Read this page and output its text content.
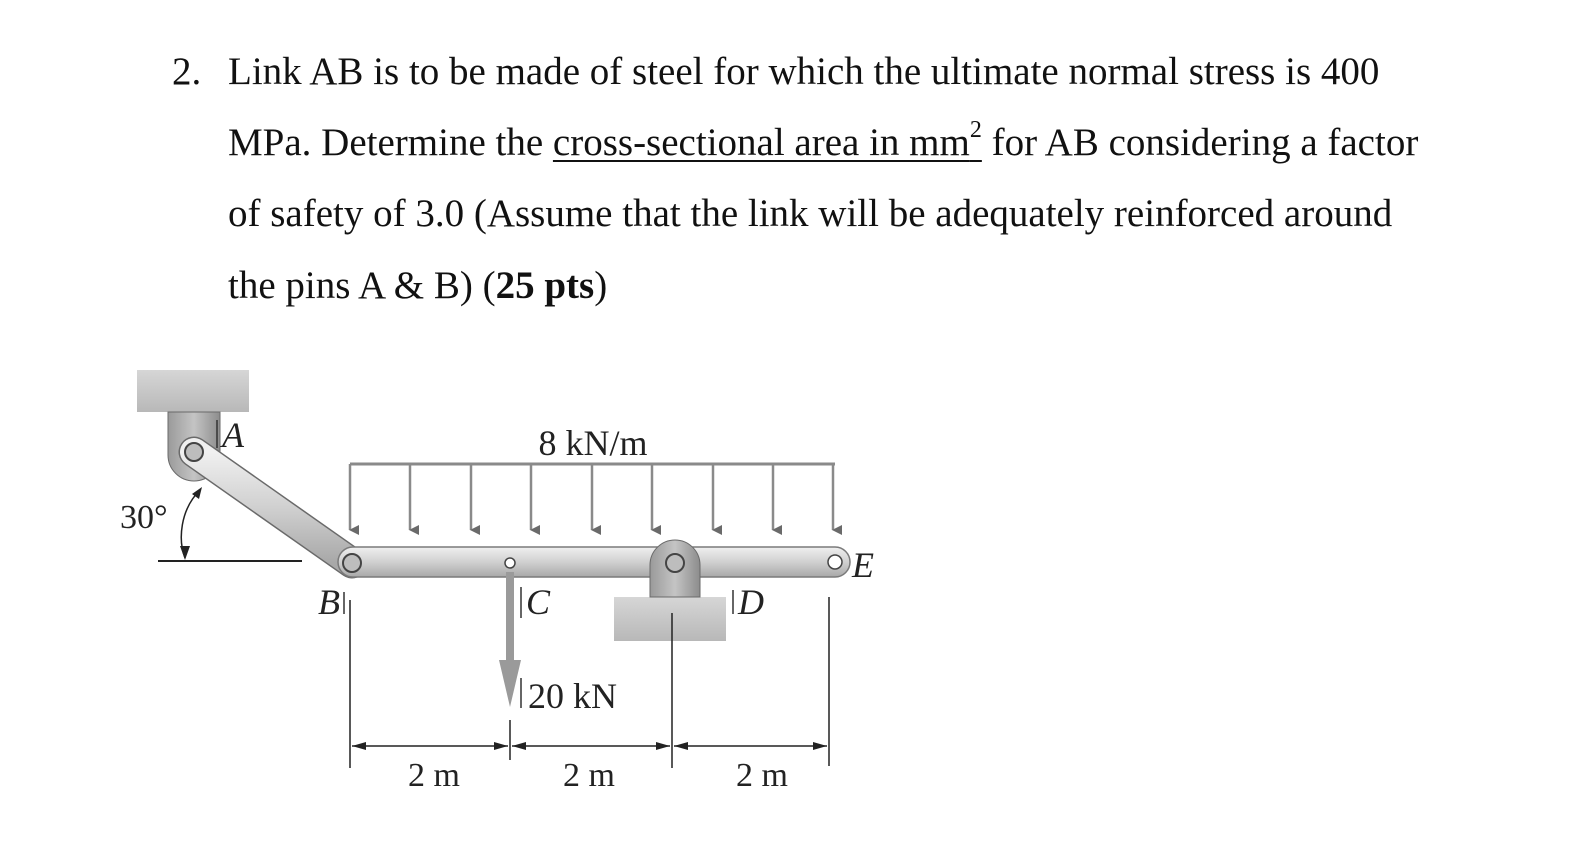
2. Link AB is to be made of steel for which the ultimate normal stress is 400
MPa. Determine the cross-sectional area in $mm^2$ for AB considering a factor
of safety of 3.0 (Assume that the link will be adequately reinforced around
the pins A & B) (25 pts)
8 kN/m
20 kN
30°
A
B	C	D
E
2 m	2 m	2 m
